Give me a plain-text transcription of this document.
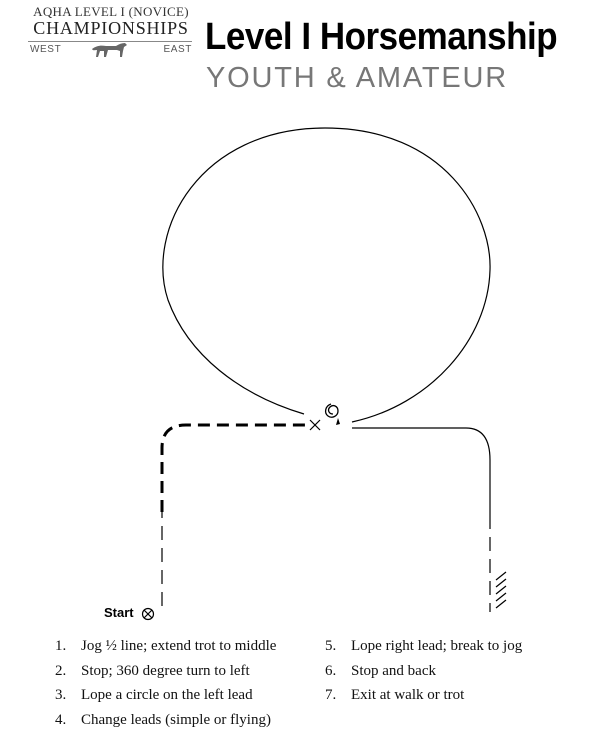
AQHA LEVEL I (NOVICE)
CHAMPIONSHIPS
WEST	EAST Level I Horsemanship
YOUTH & AMATEUR
Start
1. Jog ½ line; extend trot to middle
2. Stop; 360 degree turn to left
3. Lope a circle on the left lead
4. Change leads (simple or flying)
5. Lope right lead; break to jog
6. Stop and back
7. Exit at walk or trot
